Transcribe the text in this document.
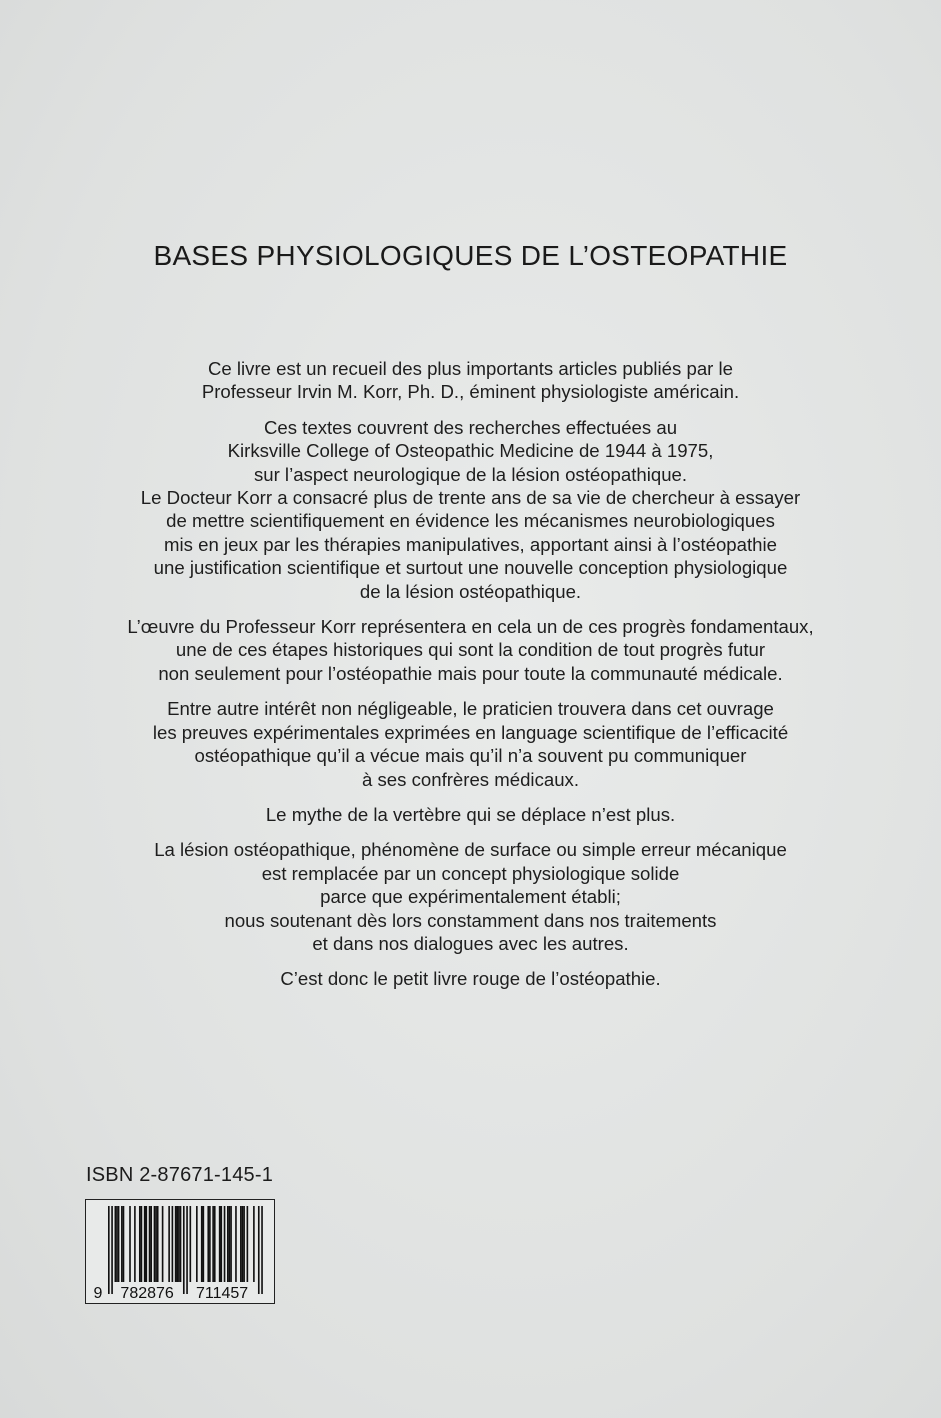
BASES PHYSIOLOGIQUES DE L’OSTEOPATHIE

Ce livre est un recueil des plus importants articles publiés par le
Professeur Irvin M. Korr, Ph. D., éminent physiologiste américain.

Ces textes couvrent des recherches effectuées au
Kirksville College of Osteopathic Medicine de 1944 à 1975,
sur l’aspect neurologique de la lésion ostéopathique.
Le Docteur Korr a consacré plus de trente ans de sa vie de chercheur à essayer
de mettre scientifiquement en évidence les mécanismes neurobiologiques
mis en jeux par les thérapies manipulatives, apportant ainsi à l’ostéopathie
une justification scientifique et surtout une nouvelle conception physiologique
de la lésion ostéopathique.

L’œuvre du Professeur Korr représentera en cela un de ces progrès fondamentaux,
une de ces étapes historiques qui sont la condition de tout progrès futur
non seulement pour l’ostéopathie mais pour toute la communauté médicale.

Entre autre intérêt non négligeable, le praticien trouvera dans cet ouvrage
les preuves expérimentales exprimées en language scientifique de l’efficacité
ostéopathique qu’il a vécue mais qu’il n’a souvent pu communiquer
à ses confrères médicaux.

Le mythe de la vertèbre qui se déplace n’est plus.

La lésion ostéopathique, phénomène de surface ou simple erreur mécanique
est remplacée par un concept physiologique solide
parce que expérimentalement établi;
nous soutenant dès lors constamment dans nos traitements
et dans nos dialogues avec les autres.

C’est donc le petit livre rouge de l’ostéopathie.

ISBN 2-87671-145-1
9 782876 711457
